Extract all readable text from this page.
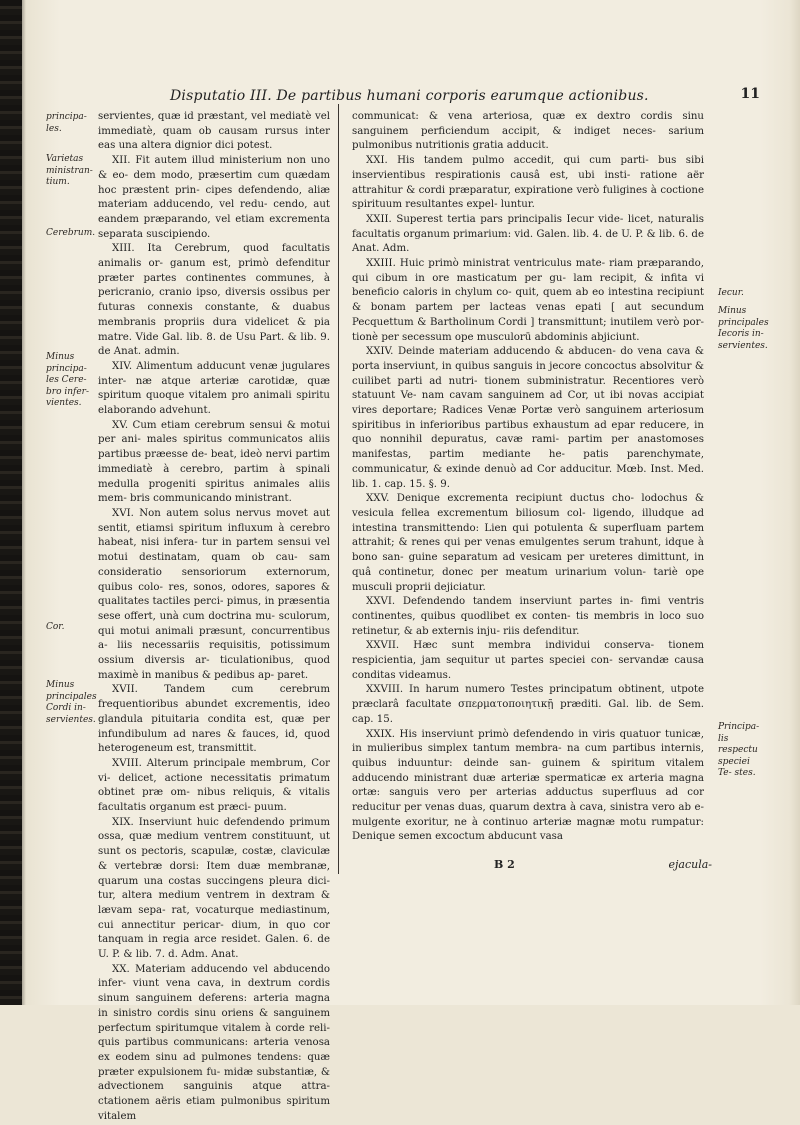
Disputatio III. De partibus humani corporis earumque actionibus.	11
principa- les.
Varietas ministran- tium.
Cerebrum.
Minus principa- les Cere- bro infer- vientes.
Cor.
Minus principales Cordi in- servientes.

servientes, quæ id præstant, vel mediatè vel immediatè, quam ob causam rursus inter eas una altera dignior dici potest.

XII. Fit autem illud ministerium non uno & eo- dem modo, præsertim cum quædam hoc præstent prin- cipes defendendo, aliæ materiam adducendo, vel redu- cendo, aut eandem præparando, vel etiam excrementa separata suscipiendo.

XIII. Ita Cerebrum, quod facultatis animalis or- ganum est, primò defenditur præter partes continentes communes, à pericranio, cranio ipso, diversis ossibus per futuras connexis constante, & duabus membranis propriis dura videlicet & pia matre. Vide Gal. lib. 8. de Usu Part. & lib. 9. de Anat. admin.

XIV. Alimentum adducunt venæ jugulares inter- næ atque arteriæ carotidæ, quæ spiritum quoque vitalem pro animali spiritu elaborando advehunt.

XV. Cum etiam cerebrum sensui & motui per ani- males spiritus communicatos aliis partibus præesse de- beat, ideò nervi partim immediatè à cerebro, partim à spinali medulla progeniti spiritus animales aliis mem- bris communicando ministrant.

XVI. Non autem solus nervus movet aut sentit, etiamsi spiritum influxum à cerebro habeat, nisi infera- tur in partem sensui vel motui destinatam, quam ob cau- sam consideratio sensoriorum externorum, quibus colo- res, sonos, odores, sapores & qualitates tactiles perci- pimus, in præsentia sese offert, unà cum doctrina mu- sculorum, qui motui animali præsunt, concurrentibus a- liis necessariis requisitis, potissimum ossium diversis ar- ticulationibus, quod maximè in manibus & pedibus ap- paret.

XVII. Tandem cum cerebrum frequentioribus abundet excrementis, ideo glandula pituitaria condita est, quæ per infundibulum ad nares & fauces, id, quod heterogeneum est, transmittit.

XVIII. Alterum principale membrum, Cor vi- delicet, actione necessitatis primatum obtinet præ om- nibus reliquis, & vitalis facultatis organum est præci- puum.

XIX. Inserviunt huic defendendo primum ossa, quæ medium ventrem constituunt, ut sunt os pectoris, scapulæ, costæ, claviculæ & vertebræ dorsi: Item duæ membranæ, quarum una costas succingens pleura dici- tur, altera medium ventrem in dextram & lævam sepa- rat, vocaturque mediastinum, cui annectitur pericar- dium, in quo cor tanquam in regia arce residet. Galen. 6. de U. P. & lib. 7. d. Adm. Anat.

XX. Materiam adducendo vel abducendo infer- viunt vena cava, in dextrum cordis sinum sanguinem deferens: arteria magna in sinistro cordis sinu oriens & sanguinem perfectum spiritumque vitalem à corde reli- quis partibus communicans: arteria venosa ex eodem sinu ad pulmones tendens: quæ præter expulsionem fu- midæ substantiæ, & advectionem sanguinis atque attra- ctationem aëris etiam pulmonibus spiritum vitalem

communicat: & vena arteriosa, quæ ex dextro cordis sinu sanguinem perficiendum accipit, & indiget neces- sarium pulmonibus nutritionis gratia adducit.

XXI. His tandem pulmo accedit, qui cum parti- bus sibi inservientibus respirationis causâ est, ubi insti- ratione aër attrahitur & cordi præparatur, expiratione verò fuligines à coctione spirituum resultantes expel- luntur.

XXII. Superest tertia pars principalis Iecur vide- licet, naturalis facultatis organum primarium: vid. Galen. lib. 4. de U. P. & lib. 6. de Anat. Adm.

XXIII. Huic primò ministrat ventriculus mate- riam præparando, qui cibum in ore masticatum per gu- lam recipit, & infita vi beneficio caloris in chylum co- quit, quem ab eo intestina recipiunt & bonam partem per lacteas venas epati [ aut secundum Pecquettum & Bartholinum Cordi ] transmittunt; inutilem verò por- tionè per secessum ope musculorū abdominis abjiciunt.

XXIV. Deinde materiam adducendo & abducen- do vena cava & porta inserviunt, in quibus sanguis in jecore concoctus absolvitur & cuilibet parti ad nutri- tionem subministratur. Recentiores verò statuunt Ve- nam cavam sanguinem ad Cor, ut ibi novas accipiat vires deportare; Radices Venæ Portæ verò sanguinem arteriosum spiritibus in inferioribus partibus exhaustum ad epar reducere, in quo nonnihil depuratus, cavæ rami- partim per anastomoses manifestas, partim mediante he- patis parenchymate, communicatur, & exinde denuò ad Cor adducitur. Mœb. Inst. Med. lib. 1. cap. 15. §. 9.

XXV. Denique excrementa recipiunt ductus cho- lodochus & vesicula fellea excrementum biliosum col- ligendo, illudque ad intestina transmittendo: Lien qui potulenta & superfluam partem attrahit; & renes qui per venas emulgentes serum trahunt, idque à bono san- guine separatum ad vesicam per ureteres dimittunt, in quâ continetur, donec per meatum urinarium volun- tariè ope musculi proprii dejiciatur.

XXVI. Defendendo tandem inserviunt partes in- fimi ventris continentes, quibus quodlibet ex conten- tis membris in loco suo retinetur, & ab externis inju- riis defenditur.

XXVII. Hæc sunt membra individui conserva- tionem respicientia, jam sequitur ut partes speciei con- servandæ causa conditas videamus.

XXVIII. In harum numero Testes principatum obtinent, utpote præclarâ facultate σπερματοποιητικῇ præditi. Gal. lib. de Sem. cap. 15.

XXIX. His inserviunt primò defendendo in viris quatuor tunicæ, in mulieribus simplex tantum membra- na cum partibus internis, quibus induuntur: deinde san- guinem & spiritum vitalem adducendo ministrant duæ arteriæ spermaticæ ex arteria magna ortæ: sanguis vero per arterias adductus superfluus ad cor reducitur per venas duas, quarum dextra à cava, sinistra vero ab e- mulgente exoritur, ne à continuo arteriæ magnæ motu rumpatur: Denique semen excoctum abducunt vasa

Iecur.
Minus principales Iecoris in- servientes.
Principa- lis respectu speciei Te- stes.
B 2	ejacula-
